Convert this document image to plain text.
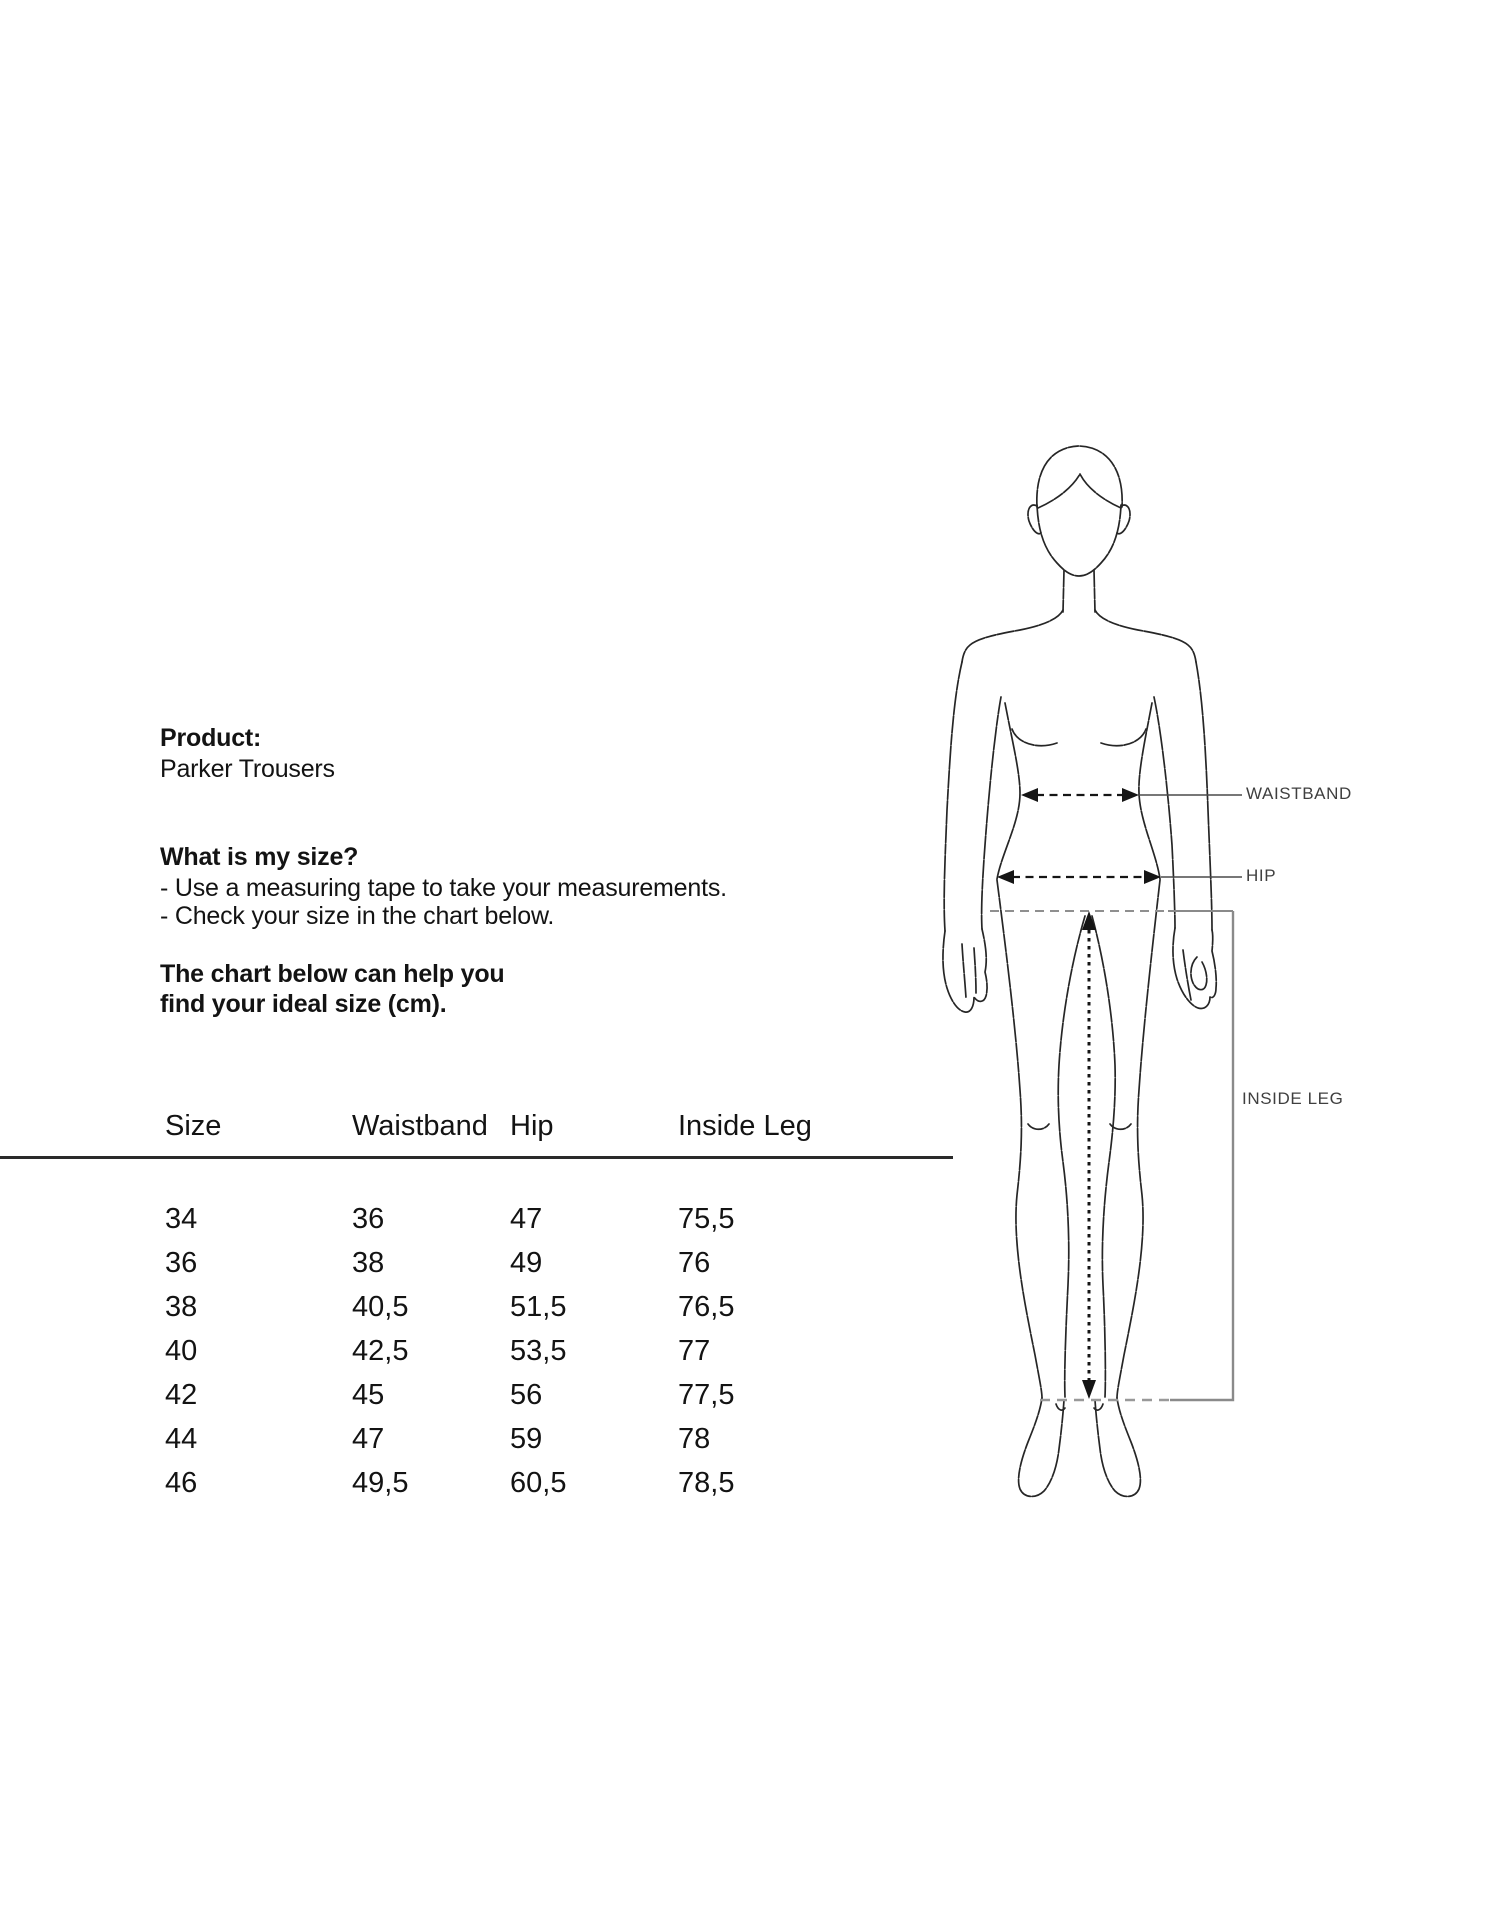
Product:
Parker Trousers
What is my size?
- Use a measuring tape to take your measurements.
- Check your size in the chart below.
The chart below can help you
find your ideal size (cm).
Size	Waistband Hip	Inside Leg
34	36	47	75,5
36	38	49	76
38	40,5	51,5	76,5
40	42,5	53,5	77
42	45	56	77,5
44	47	59	78
46	49,5	60,5	78,5
WAISTBAND
HIP
INSIDE LEG
